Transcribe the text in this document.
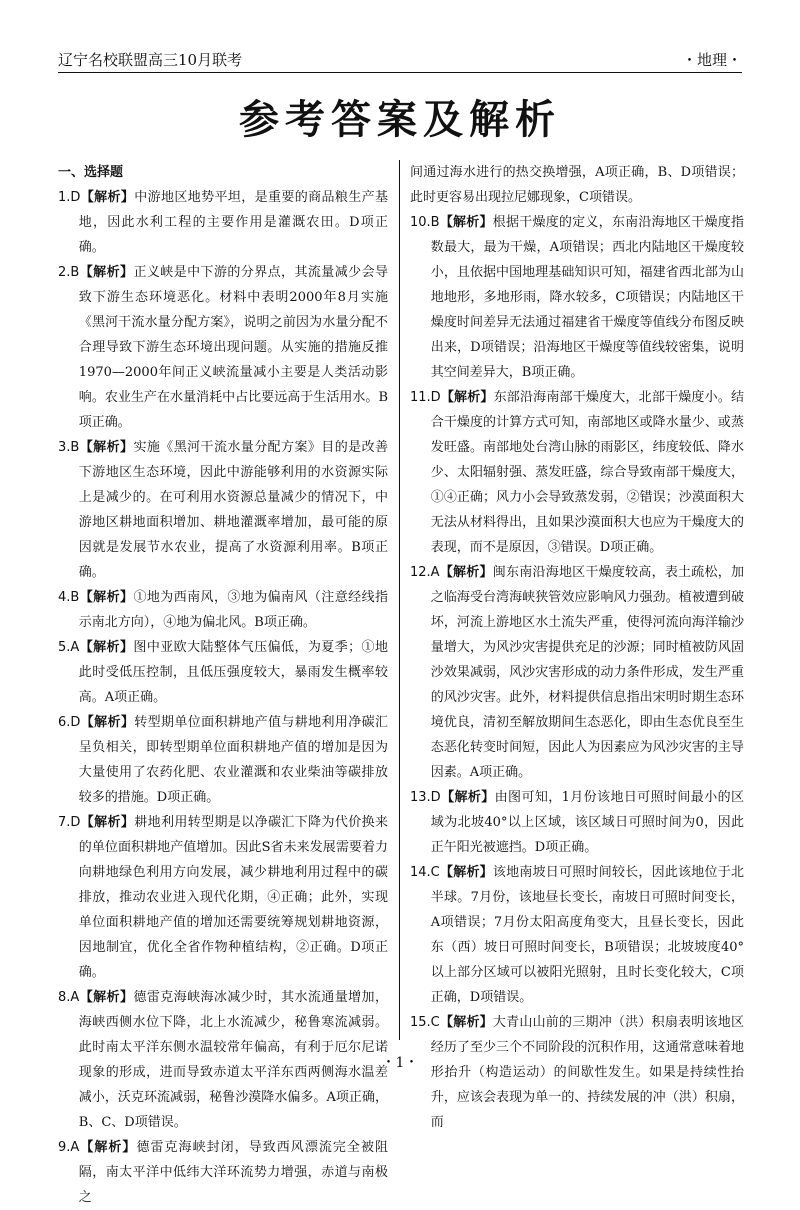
辽宁名校联盟高三10月联考	・地理・
参考答案及解析
一、选择题

1.D【解析】中游地区地势平坦，是重要的商品粮生产基地，因此水利工程的主要作用是灌溉农田。D项正确。

2.B【解析】正义峡是中下游的分界点，其流量减少会导致下游生态环境恶化。材料中表明2000年8月实施《黑河干流水量分配方案》，说明之前因为水量分配不合理导致下游生态环境出现问题。从实施的措施反推1970—2000年间正义峡流量减小主要是人类活动影响。农业生产在水量消耗中占比要远高于生活用水。B项正确。

3.B【解析】实施《黑河干流水量分配方案》目的是改善下游地区生态环境，因此中游能够利用的水资源实际上是减少的。在可利用水资源总量减少的情况下，中游地区耕地面积增加、耕地灌溉率增加，最可能的原因就是发展节水农业，提高了水资源利用率。B项正确。

4.B【解析】①地为西南风，③地为偏南风（注意经线指示南北方向），④地为偏北风。B项正确。

5.A【解析】图中亚欧大陆整体气压偏低，为夏季；①地此时受低压控制，且低压强度较大，暴雨发生概率较高。A项正确。

6.D【解析】转型期单位面积耕地产值与耕地利用净碳汇呈负相关，即转型期单位面积耕地产值的增加是因为大量使用了农药化肥、农业灌溉和农业柴油等碳排放较多的措施。D项正确。

7.D【解析】耕地利用转型期是以净碳汇下降为代价换来的单位面积耕地产值增加。因此S省未来发展需要着力向耕地绿色利用方向发展，减少耕地利用过程中的碳排放，推动农业进入现代化期，④正确；此外，实现单位面积耕地产值的增加还需要统筹规划耕地资源，因地制宜，优化全省作物种植结构，②正确。D项正确。

8.A【解析】德雷克海峡海冰减少时，其水流通量增加，海峡西侧水位下降，北上水流减少，秘鲁寒流减弱。此时南太平洋东侧水温较常年偏高，有利于厄尔尼诺现象的形成，进而导致赤道太平洋东西两侧海水温差减小，沃克环流减弱，秘鲁沙漠降水偏多。A项正确，B、C、D项错误。

9.A【解析】德雷克海峡封闭，导致西风漂流完全被阻隔，南太平洋中低纬大洋环流势力增强，赤道与南极之

间通过海水进行的热交换增强，A项正确，B、D项错误；此时更容易出现拉尼娜现象，C项错误。

10.B【解析】根据干燥度的定义，东南沿海地区干燥度指数最大，最为干燥，A项错误；西北内陆地区干燥度较小，且依据中国地理基础知识可知，福建省西北部为山地地形，多地形雨，降水较多，C项错误；内陆地区干燥度时间差异无法通过福建省干燥度等值线分布图反映出来，D项错误；沿海地区干燥度等值线较密集，说明其空间差异大，B项正确。

11.D【解析】东部沿海南部干燥度大，北部干燥度小。结合干燥度的计算方式可知，南部地区或降水量少、或蒸发旺盛。南部地处台湾山脉的雨影区，纬度较低、降水少、太阳辐射强、蒸发旺盛，综合导致南部干燥度大，①④正确；风力小会导致蒸发弱，②错误；沙漠面积大无法从材料得出，且如果沙漠面积大也应为干燥度大的表现，而不是原因，③错误。D项正确。

12.A【解析】闽东南沿海地区干燥度较高，表土疏松，加之临海受台湾海峡狭管效应影响风力强劲。植被遭到破坏，河流上游地区水土流失严重，使得河流向海洋输沙量增大，为风沙灾害提供充足的沙源；同时植被防风固沙效果减弱，风沙灾害形成的动力条件形成，发生严重的风沙灾害。此外，材料提供信息指出宋明时期生态环境优良，清初至解放期间生态恶化，即由生态优良至生态恶化转变时间短，因此人为因素应为风沙灾害的主导因素。A项正确。

13.D【解析】由图可知，1月份该地日可照时间最小的区域为北坡40°以上区域，该区域日可照时间为0，因此正午阳光被遮挡。D项正确。

14.C【解析】该地南坡日可照时间较长，因此该地位于北半球。7月份，该地昼长变长，南坡日可照时间变长，A项错误；7月份太阳高度角变大，且昼长变长，因此东（西）坡日可照时间变长，B项错误；北坡坡度40°以上部分区域可以被阳光照射，且时长变化较大，C项正确，D项错误。

15.C【解析】大青山山前的三期冲（洪）积扇表明该地区经历了至少三个不同阶段的沉积作用，这通常意味着地形抬升（构造运动）的间歇性发生。如果是持续性抬升，应该会表现为单一的、持续发展的冲（洪）积扇，而

・1・
